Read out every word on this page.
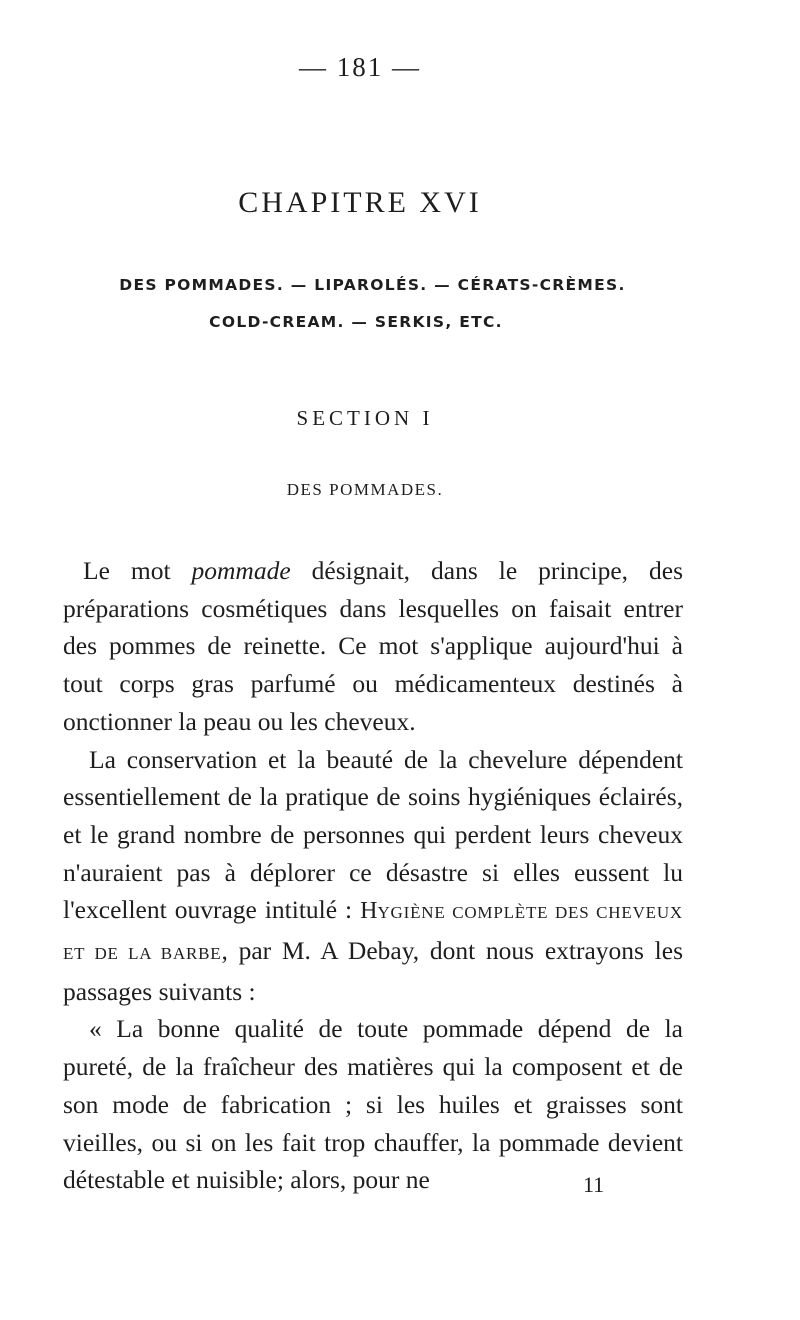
— 181 —
CHAPITRE XVI
DES POMMADES. — LIPAROLÉS. — CÉRATS-CRÈMES.
COLD-CREAM. — SERKIS, ETC.
SECTION I
DES POMMADES.

Le mot pommade désignait, dans le principe, des préparations cosmétiques dans lesquelles on faisait entrer des pommes de reinette. Ce mot s'applique aujourd'hui à tout corps gras parfumé ou médicamenteux destinés à onctionner la peau ou les cheveux.

La conservation et la beauté de la chevelure dépendent essentiellement de la pratique de soins hygiéniques éclairés, et le grand nombre de personnes qui perdent leurs cheveux n'auraient pas à déplorer ce désastre si elles eussent lu l'excellent ouvrage intitulé : HYGIÈNE COMPLÈTE DES CHEVEUX ET DE LA BARBE, par M. A Debay, dont nous extrayons les passages suivants :

« La bonne qualité de toute pommade dépend de la pureté, de la fraîcheur des matières qui la composent et de son mode de fabrication ; si les huiles et graisses sont vieilles, ou si on les fait trop chauffer, la pommade devient détestable et nuisible; alors, pour ne	11
